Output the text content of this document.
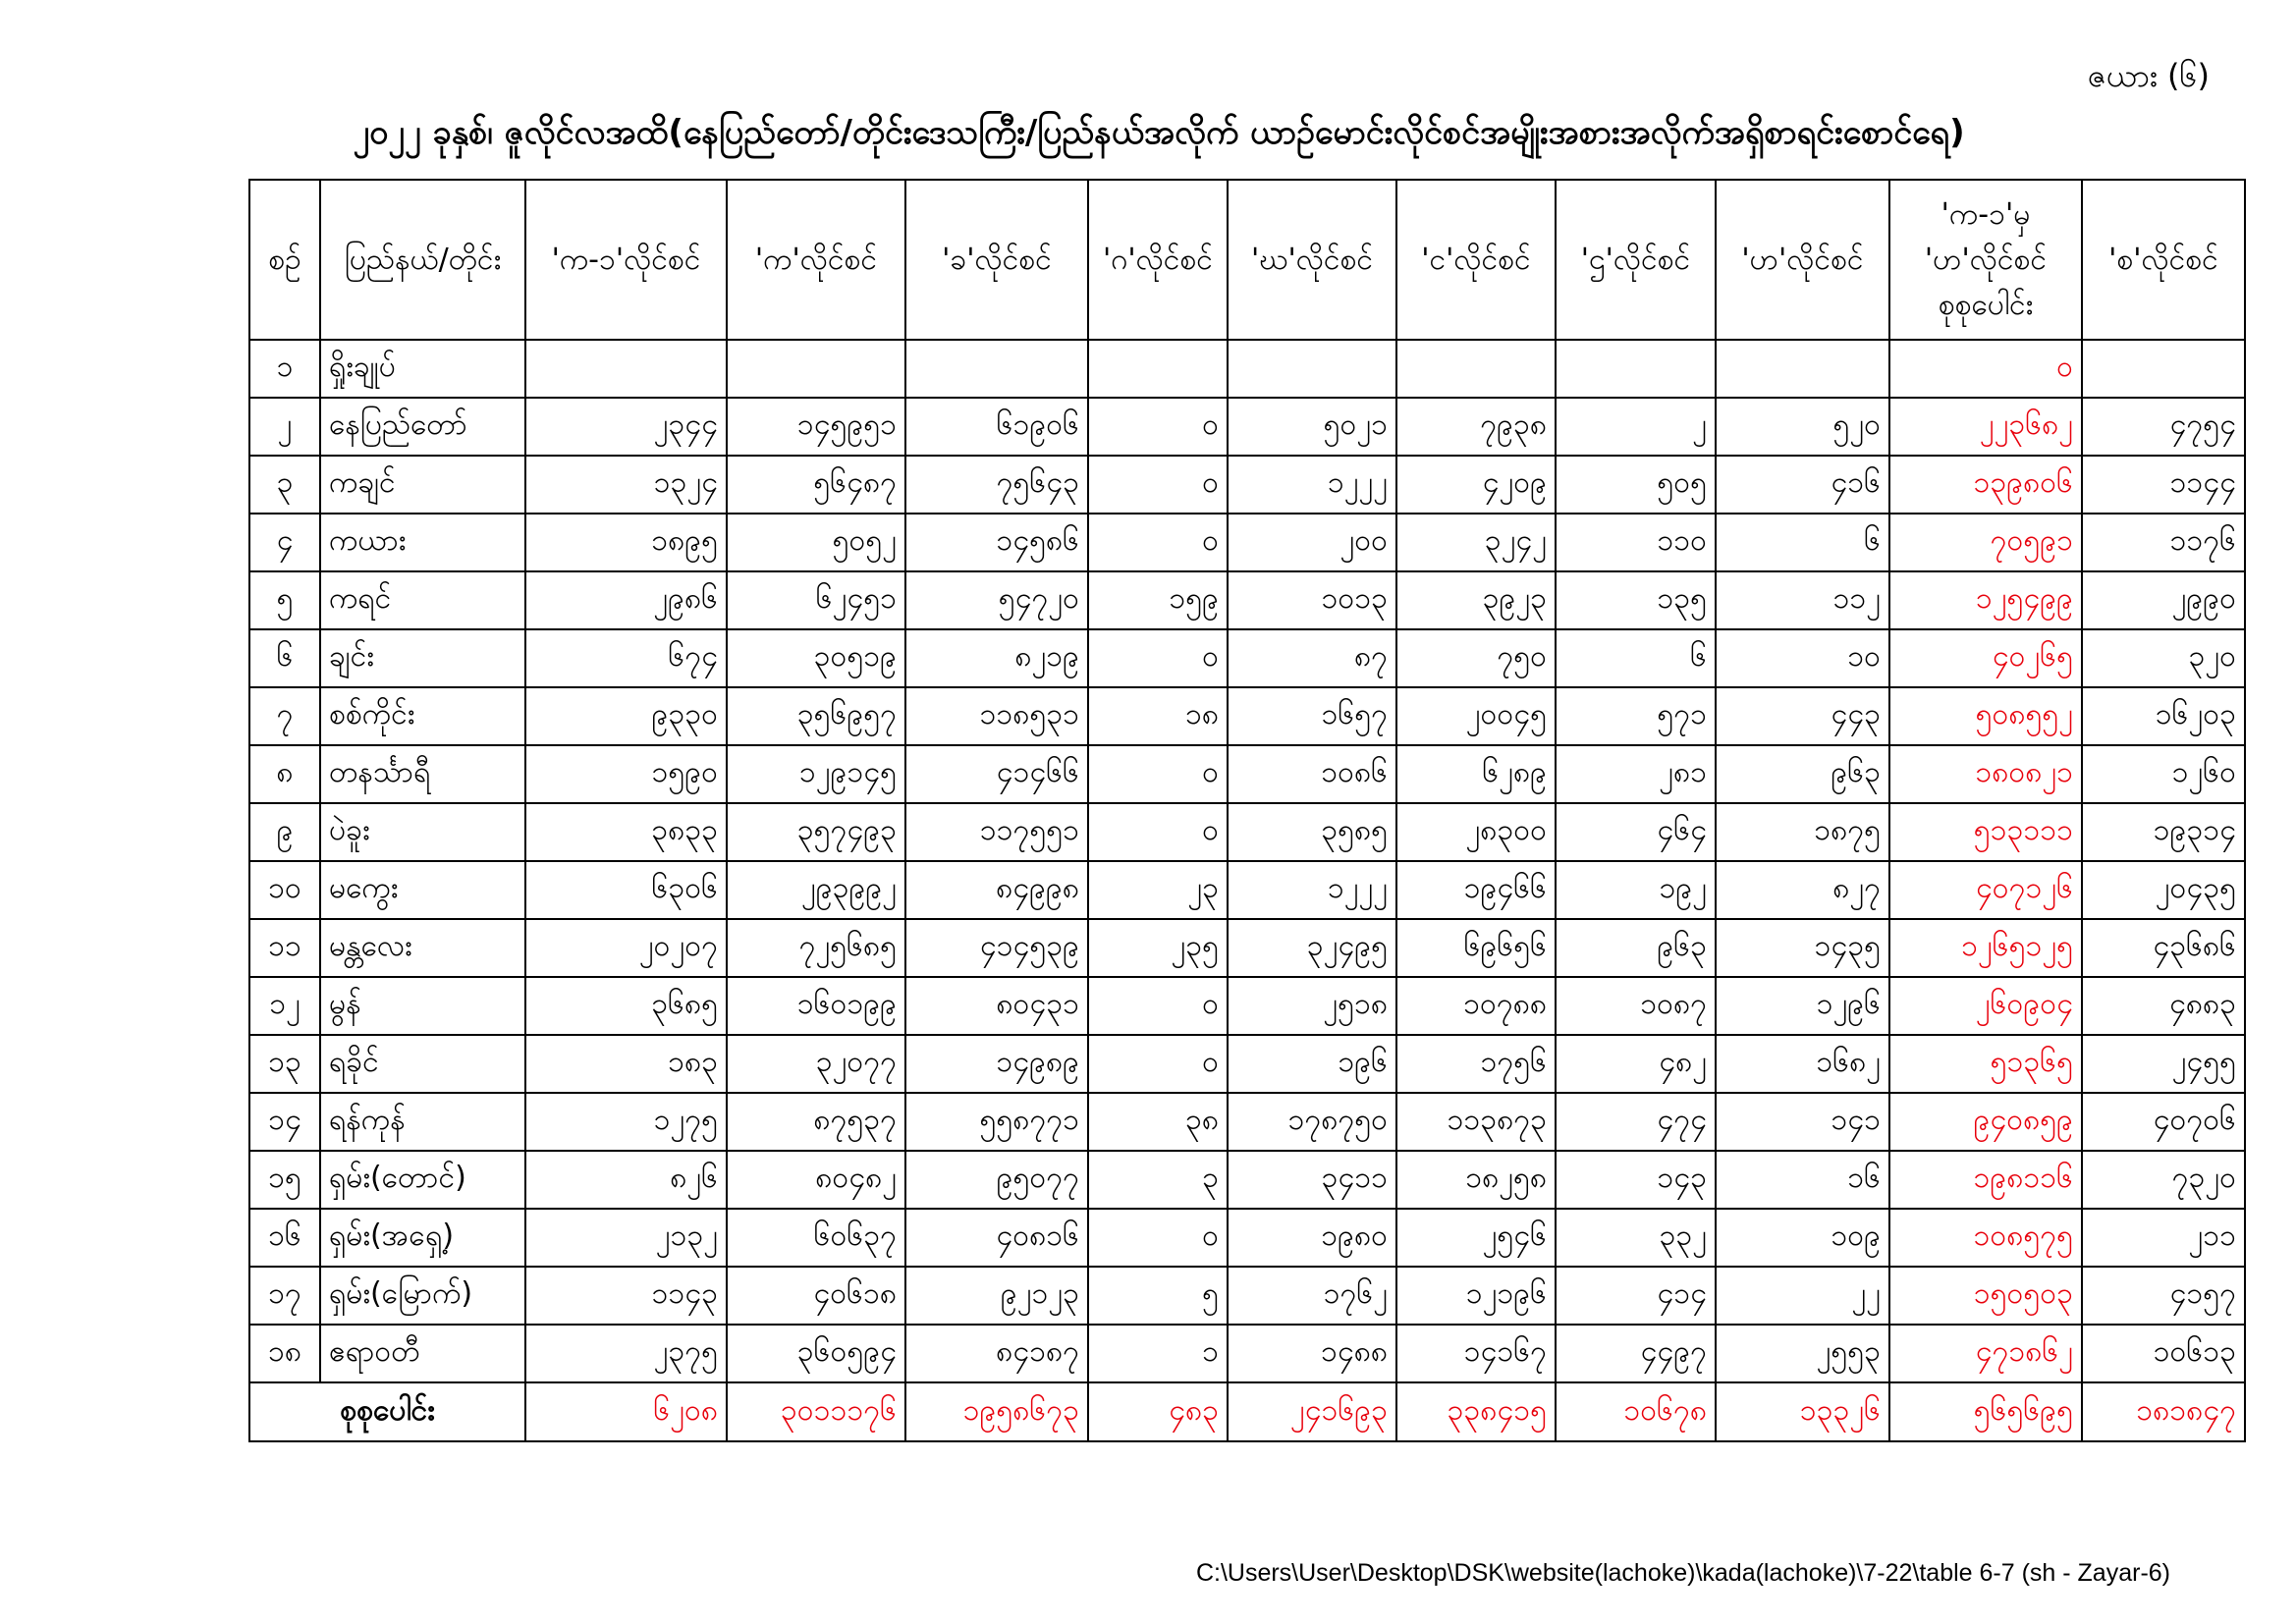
ဇယား (၆)
၂၀၂၂ ခုနှစ်၊ ဇူလိုင်လအထိ(နေပြည်တော်/တိုင်းဒေသကြီး/ပြည်နယ်အလိုက် ယာဉ်မောင်းလိုင်စင်အမျိုးအစားအလိုက်အရှိစာရင်းစောင်ရေ)
စဉ်	ပြည်နယ်/တိုင်း	'က-၁'လိုင်စင်	'က'လိုင်စင်	'ခ'လိုင်စင်	'ဂ'လိုင်စင်	'ဃ'လိုင်စင်	'င'လိုင်စင်	'ဌ'လိုင်စင်	'ဟ'လိုင်စင်	'က-၁'မှ 'ဟ'လိုင်စင် စုစုပေါင်း	'စ'လိုင်စင်
၁	ရှိုးချုပ်									၀	
၂	နေပြည်တော်	၂၃၄၄	၁၄၅၉၅၁	၆၁၉၀၆	၀	၅၀၂၁	၇၉၃၈	၂	၅၂၀	၂၂၃၆၈၂	၄၇၅၄
၃	ကချင်	၁၃၂၄	၅၆၄၈၇	၇၅၆၄၃	၀	၁၂၂၂	၄၂၀၉	၅၀၅	၄၁၆	၁၃၉၈၀၆	၁၁၄၄
၄	ကယား	၁၈၉၅	၅၀၅၂	၁၄၅၈၆	၀	၂၀၀	၃၂၄၂	၁၁၀	၆	၇၀၅၉၁	၁၁၇၆
၅	ကရင်	၂၉၈၆	၆၂၄၅၁	၅၄၇၂၀	၁၅၉	၁၀၁၃	၃၉၂၃	၁၃၅	၁၁၂	၁၂၅၄၉၉	၂၉၉၀
၆	ချင်း	၆၇၄	၃၀၅၁၉	၈၂၁၉	၀	၈၇	၇၅၀	၆	၁၀	၄၀၂၆၅	၃၂၀
၇	စစ်ကိုင်း	၉၃၃၀	၃၅၆၉၅၇	၁၁၈၅၃၁	၁၈	၁၆၅၇	၂၀၀၄၅	၅၇၁	၄၄၃	၅၀၈၅၅၂	၁၆၂၀၃
၈	တနင်္သာရီ	၁၅၉၀	၁၂၉၁၄၅	၄၁၄၆၆	၀	၁၀၈၆	၆၂၈၉	၂၈၁	၉၆၃	၁၈၀၈၂၁	၁၂၆၀
၉	ပဲခူး	၃၈၃၃	၃၅၇၄၉၃	၁၁၇၅၅၁	၀	၃၅၈၅	၂၈၃၀၀	၄၆၄	၁၈၇၅	၅၁၃၁၁၁	၁၉၃၁၄
၁၀	မကွေး	၆၃၀၆	၂၉၃၉၉၂	၈၄၉၉၈	၂၃	၁၂၂၂	၁၉၄၆၆	၁၉၂	၈၂၇	၄၀၇၁၂၆	၂၀၄၃၅
၁၁	မန္တလေး	၂၀၂၀၇	၇၂၅၆၈၅	၄၁၄၅၃၉	၂၃၅	၃၂၄၉၅	၆၉၆၅၆	၉၆၃	၁၄၃၅	၁၂၆၅၁၂၅	၄၃၆၈၆
၁၂	မွန်	၃၆၈၅	၁၆၀၁၉၉	၈၀၄၃၁	၀	၂၅၁၈	၁၀၇၈၈	၁၀၈၇	၁၂၉၆	၂၆၀၉၀၄	၄၈၈၃
၁၃	ရခိုင်	၁၈၃	၃၂၀၇၇	၁၄၉၈၉	၀	၁၉၆	၁၇၅၆	၄၈၂	၁၆၈၂	၅၁၃၆၅	၂၄၅၅
၁၄	ရန်ကုန်	၁၂၇၅	၈၇၅၃၇	၅၅၈၇၇၁	၃၈	၁၇၈၇၅၀	၁၁၃၈၇၃	၄၇၄	၁၄၁	၉၄၀၈၅၉	၄၀၇၀၆
၁၅	ရှမ်း(တောင်)	၈၂၆	၈၀၄၈၂	၉၅၀၇၇	၃	၃၄၁၁	၁၈၂၅၈	၁၄၃	၁၆	၁၉၈၁၁၆	၇၃၂၀
၁၆	ရှမ်း(အရှေ့)	၂၁၃၂	၆၀၆၃၇	၄၀၈၁၆	၀	၁၉၈၀	၂၅၄၆	၃၃၂	၁၀၉	၁၀၈၅၇၅	၂၁၁
၁၇	ရှမ်း(မြောက်)	၁၁၄၃	၄၀၆၁၈	၉၂၁၂၃	၅	၁၇၆၂	၁၂၁၉၆	၄၁၄	၂၂	၁၅၀၅၀၃	၄၁၅၇
၁၈	ဧရာဝတီ	၂၃၇၅	၃၆၀၅၉၄	၈၄၁၈၇	၁	၁၄၈၈	၁၄၁၆၇	၄၄၉၇	၂၅၅၃	၄၇၁၈၆၂	၁၀၆၁၃
စုစုပေါင်း		၆၂၀၈	၃၀၁၁၁၇၆	၁၉၅၈၆၇၃	၄၈၃	၂၄၁၆၉၃	၃၃၈၄၁၅	၁၀၆၇၈	၁၃၃၂၆	၅၆၅၆၉၅	၁၈၁၈၄၇
C:\Users\User\Desktop\DSK\website(lachoke)\kada(lachoke)\7-22\table 6-7 (sh - Zayar-6)
